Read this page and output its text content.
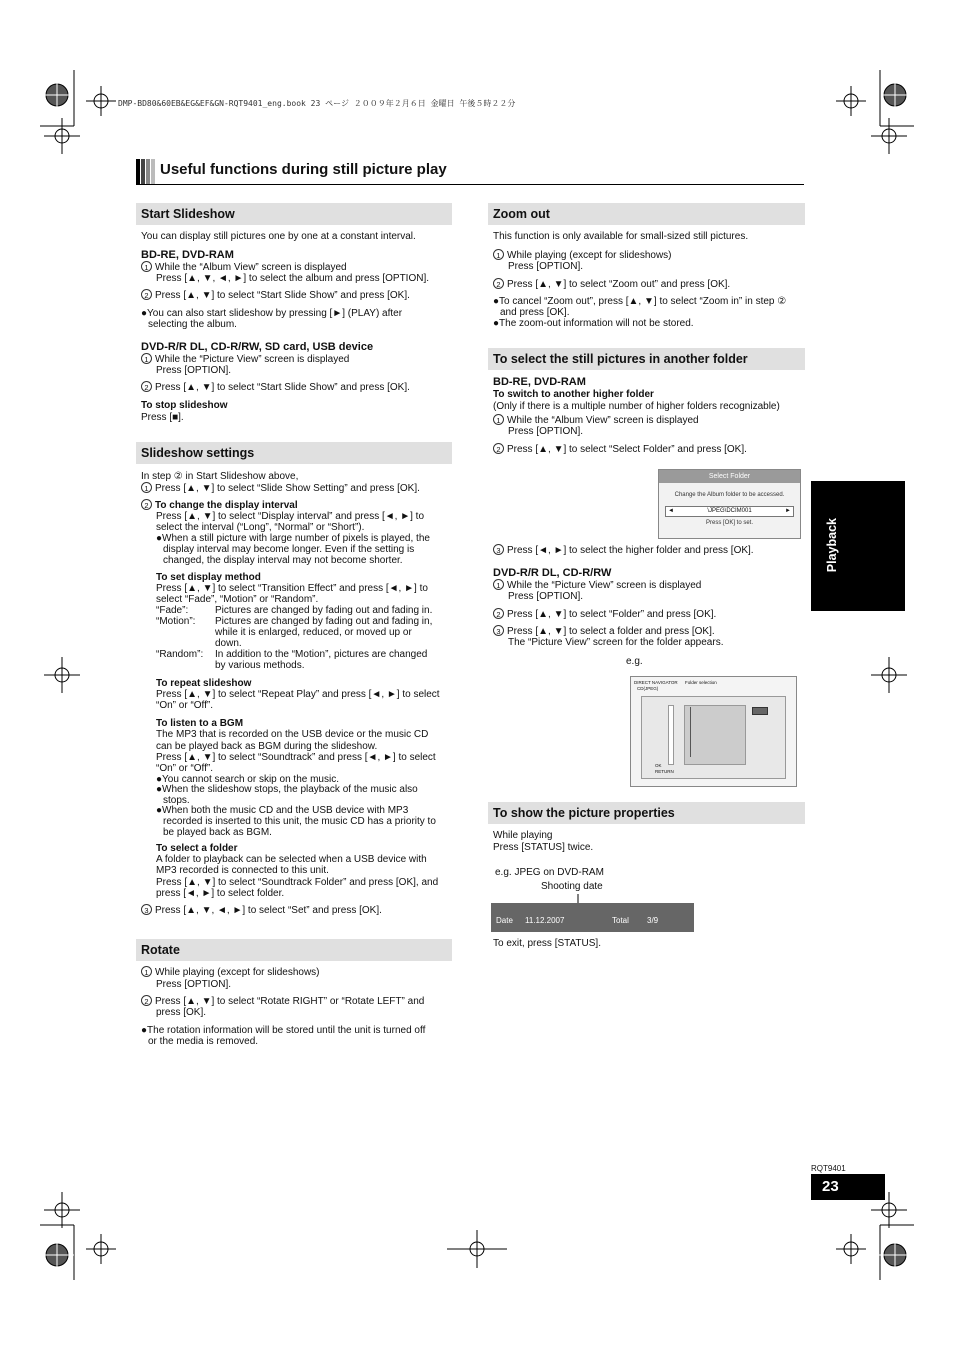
DMP-BD80&60EB&EG&EF&GN-RQT9401_eng.book 23 ページ ２００９年２月６日 金曜日 午後５時２２分
Useful functions during still picture play
Start Slideshow
You can display still pictures one by one at a constant interval.
BD-RE, DVD-RAM
1 While the “Album View” screen is displayed
Press [▲, ▼, ◄, ►] to select the album and press [OPTION].
2 Press [▲, ▼] to select “Start Slide Show” and press [OK].
●You can also start slideshow by pressing [►] (PLAY) after
selecting the album.
DVD-R/R DL, CD-R/RW, SD card, USB device
1 While the “Picture View” screen is displayed
Press [OPTION].
2 Press [▲, ▼] to select “Start Slide Show” and press [OK].
To stop slideshow
Press [■].
Slideshow settings
In step ② in Start Slideshow above,
1 Press [▲, ▼] to select “Slide Show Setting” and press [OK].
2 To change the display interval
Press [▲, ▼] to select “Display interval” and press [◄, ►] to
select the interval (“Long”, “Normal” or “Short”).
●When a still picture with large number of pixels is played, the
display interval may become longer. Even if the setting is
changed, the display interval may not become shorter.
To set display method
Press [▲, ▼] to select “Transition Effect” and press [◄, ►] to
select “Fade”, “Motion” or “Random”.
“Fade”:	Pictures are changed by fading out and fading in.
“Motion”: Pictures are changed by fading out and fading in,
while it is enlarged, reduced, or moved up or
down.
“Random”: In addition to the “Motion”, pictures are changed
by various methods.
To repeat slideshow
Press [▲, ▼] to select “Repeat Play” and press [◄, ►] to select
“On” or “Off”.
To listen to a BGM
The MP3 that is recorded on the USB device or the music CD
can be played back as BGM during the slideshow.
Press [▲, ▼] to select “Soundtrack” and press [◄, ►] to select
“On” or “Off”.
●You cannot search or skip on the music.
●When the slideshow stops, the playback of the music also
stops.
●When both the music CD and the USB device with MP3
recorded is inserted to this unit, the music CD has a priority to
be played back as BGM.
To select a folder
A folder to playback can be selected when a USB device with
MP3 recorded is connected to this unit.
Press [▲, ▼] to select “Soundtrack Folder” and press [OK], and
press [◄, ►] to select folder.
3 Press [▲, ▼, ◄, ►] to select “Set” and press [OK].
Rotate
1 While playing (except for slideshows)
Press [OPTION].
2 Press [▲, ▼] to select “Rotate RIGHT” or “Rotate LEFT” and
press [OK].
●The rotation information will be stored until the unit is turned off
or the media is removed.
Zoom out
This function is only available for small-sized still pictures.
1 While playing (except for slideshows)
Press [OPTION].
2 Press [▲, ▼] to select “Zoom out” and press [OK].
●To cancel “Zoom out”, press [▲, ▼] to select “Zoom in” in step ②
and press [OK].
●The zoom-out information will not be stored.
To select the still pictures in another folder
BD-RE, DVD-RAM
To switch to another higher folder
(Only if there is a multiple number of higher folders recognizable)
1 While the “Album View” screen is displayed
Press [OPTION].
2 Press [▲, ▼] to select “Select Folder” and press [OK].
Select Folder
Change the Album folder to be accessed.
◄	\JPEG\DCIM001	►
Press [OK] to set.
3 Press [◄, ►] to select the higher folder and press [OK].
DVD-R/R DL, CD-R/RW
1 While the “Picture View” screen is displayed
Press [OPTION].
2 Press [▲, ▼] to select “Folder” and press [OK].
3 Press [▲, ▼] to select a folder and press [OK].
The “Picture View” screen for the folder appears.
e.g.
DIRECT NAVIGATOR Folder selection
CD(JPEG)
OK
RETURN
To show the picture properties
While playing
Press [STATUS] twice.
e.g. JPEG on DVD-RAM
Shooting date
Date 11.12.2007	Total 3/9
To exit, press [STATUS].
Playback
RQT9401
23
